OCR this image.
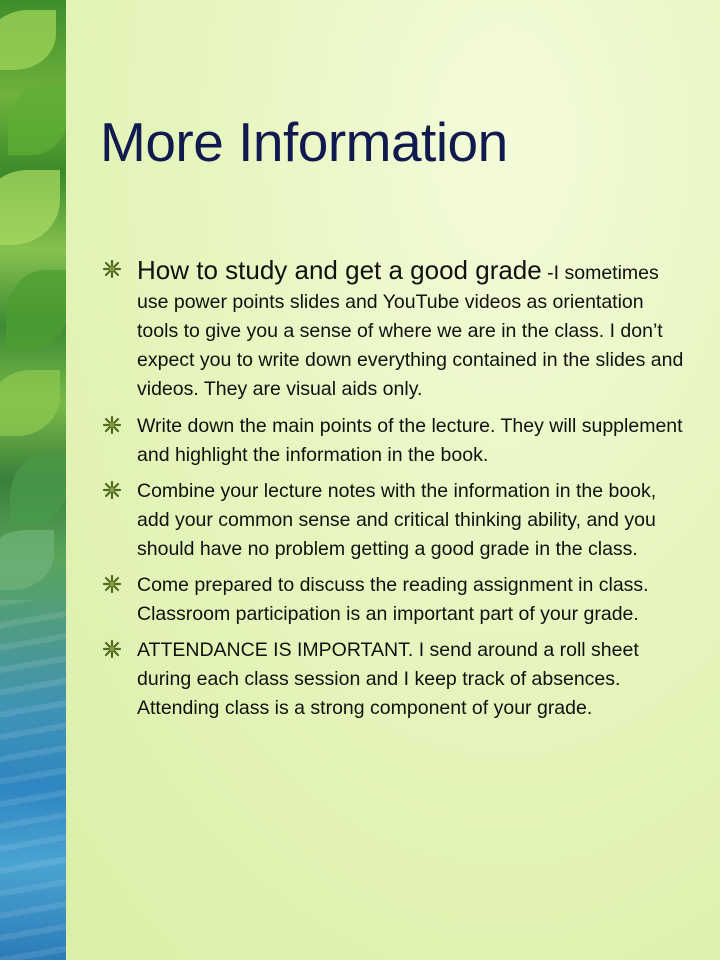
More Information
How to study and get a good grade -I sometimes use power points slides and YouTube videos as orientation tools to give you a sense of where we are in the class. I don’t expect you to write down everything contained in the slides and videos. They are visual aids only.
Write down the main points of the lecture. They will supplement and highlight the information in the book.
Combine your lecture notes with the information in the book, add your common sense and critical thinking ability, and you should have no problem getting a good grade in the class.
Come prepared to discuss the reading assignment in class. Classroom participation is an important part of your grade.
ATTENDANCE IS IMPORTANT. I send around a roll sheet during each class session and I keep track of absences. Attending class is a strong component of your grade.
